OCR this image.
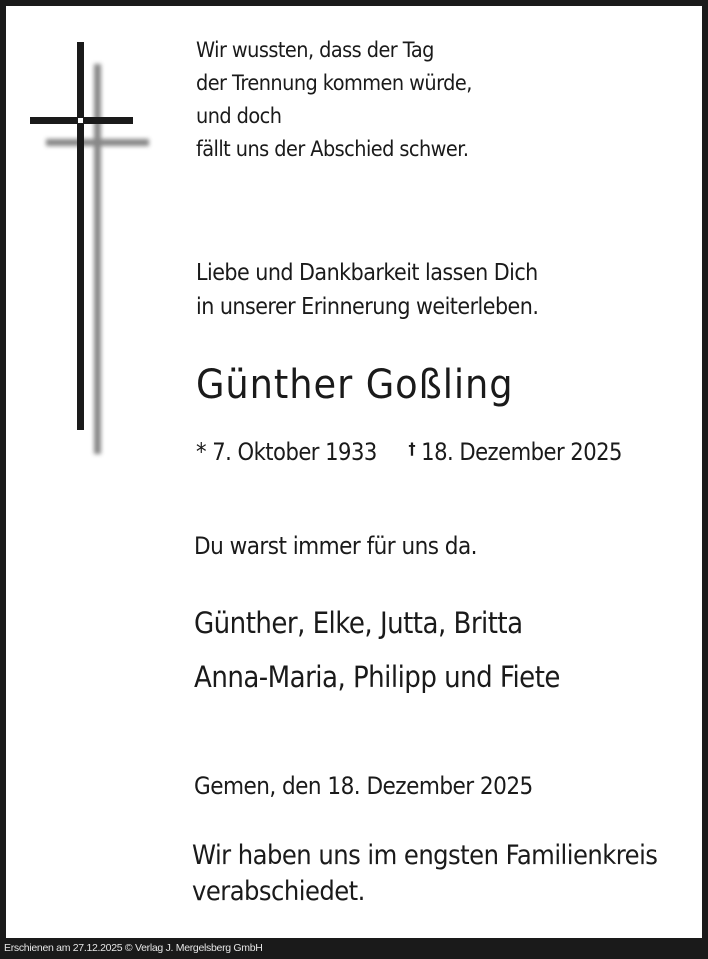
Wir wussten, dass der Tag
der Trennung kommen würde,
und doch
fällt uns der Abschied schwer.
Liebe und Dankbarkeit lassen Dich
in unserer Erinnerung weiterleben.
Günther Goßling
* 7. Oktober 1933 † 18. Dezember 2025
Du warst immer für uns da.
Günther, Elke, Jutta, Britta
Anna-Maria, Philipp und Fiete
Gemen, den 18. Dezember 2025
Wir haben uns im engsten Familienkreis
verabschiedet.
Erschienen am 27.12.2025 © Verlag J. Mergelsberg GmbH
